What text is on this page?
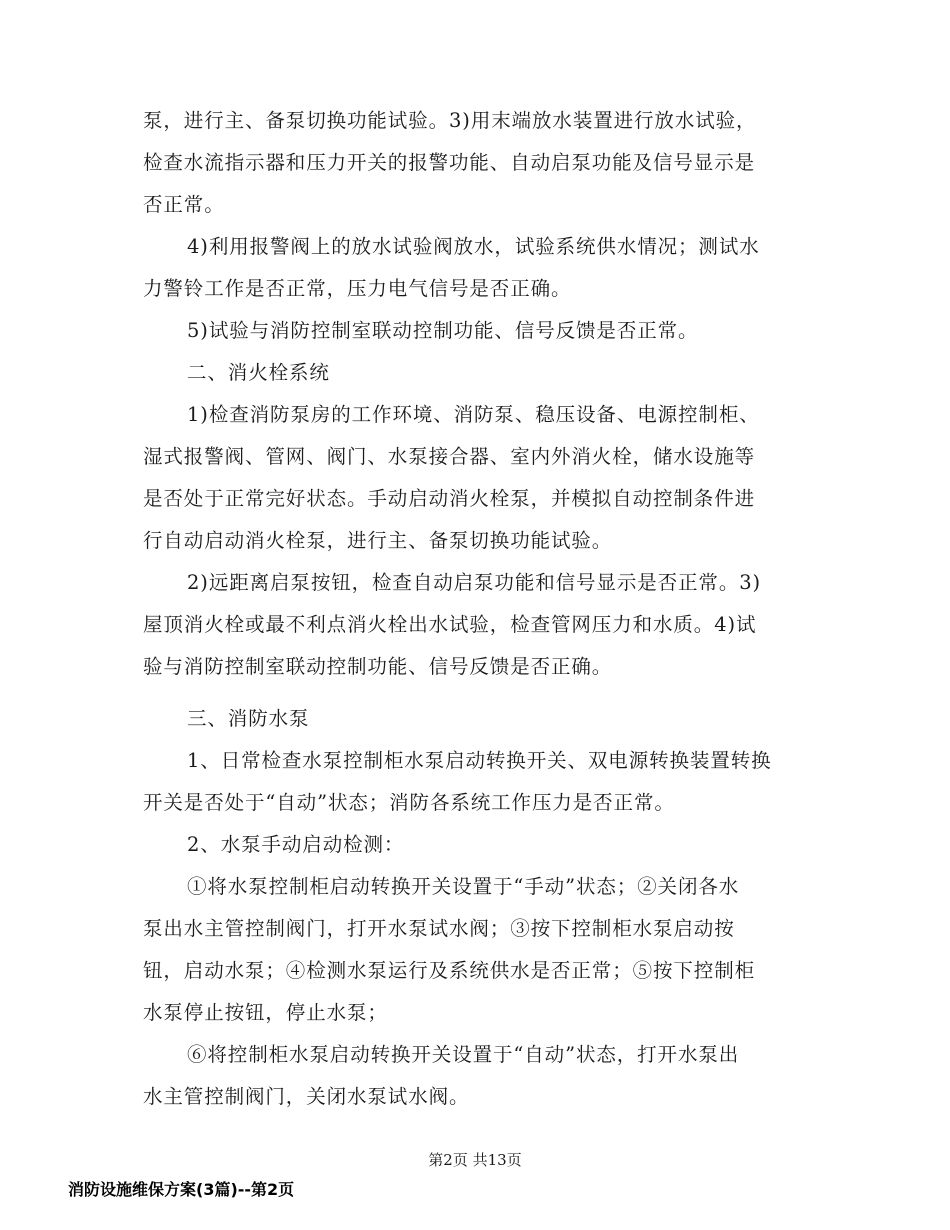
泵，进行主、备泵切换功能试验。3)用末端放水装置进行放水试验，
检查水流指示器和压力开关的报警功能、自动启泵功能及信号显示是
否正常。
4)利用报警阀上的放水试验阀放水，试验系统供水情况；测试水
力警铃工作是否正常，压力电气信号是否正确。
5)试验与消防控制室联动控制功能、信号反馈是否正常。
二、消火栓系统
1)检查消防泵房的工作环境、消防泵、稳压设备、电源控制柜、
湿式报警阀、管网、阀门、水泵接合器、室内外消火栓，储水设施等
是否处于正常完好状态。手动启动消火栓泵，并模拟自动控制条件进
行自动启动消火栓泵，进行主、备泵切换功能试验。
2)远距离启泵按钮，检查自动启泵功能和信号显示是否正常。3)
屋顶消火栓或最不利点消火栓出水试验，检查管网压力和水质。4)试
验与消防控制室联动控制功能、信号反馈是否正确。
三、消防水泵
1、日常检查水泵控制柜水泵启动转换开关、双电源转换装置转换
开关是否处于“自动”状态；消防各系统工作压力是否正常。
2、水泵手动启动检测：
①将水泵控制柜启动转换开关设置于“手动”状态；②关闭各水
泵出水主管控制阀门，打开水泵试水阀；③按下控制柜水泵启动按
钮，启动水泵；④检测水泵运行及系统供水是否正常；⑤按下控制柜
水泵停止按钮，停止水泵；
⑥将控制柜水泵启动转换开关设置于“自动”状态，打开水泵出
水主管控制阀门，关闭水泵试水阀。
第2页 共13页
消防设施维保方案(3篇)--第2页
